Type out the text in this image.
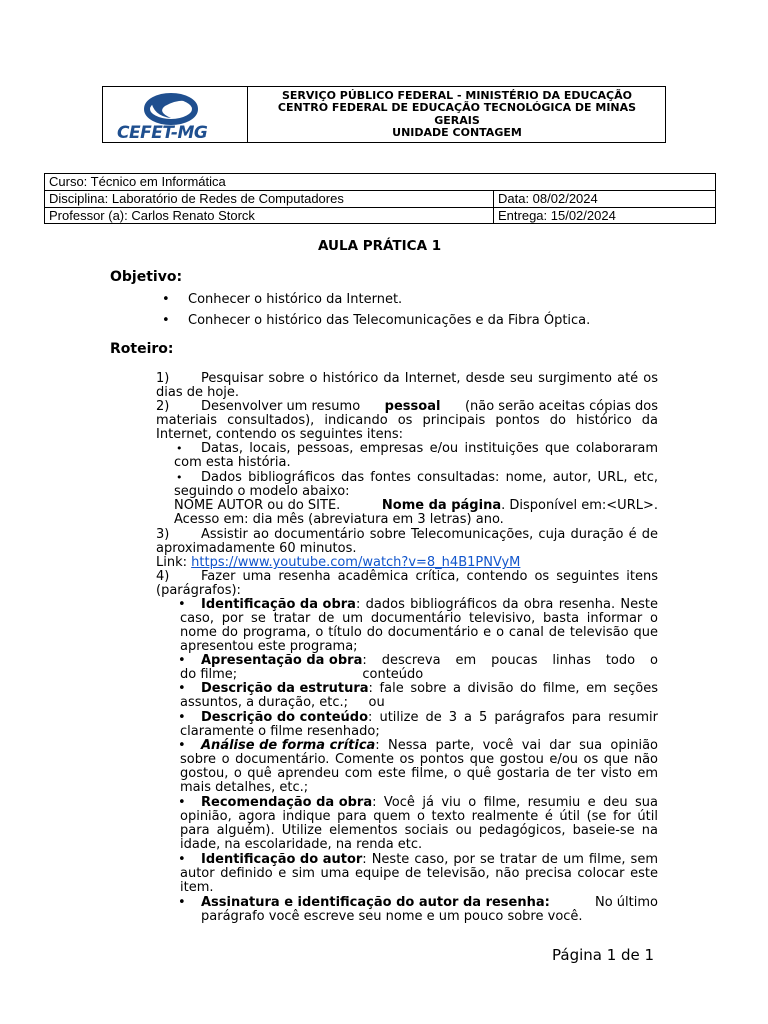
CEFET-MG
SERVIÇO PÚBLICO FEDERAL - MINISTÉRIO DA EDUCAÇÃO
CENTRO FEDERAL DE EDUCAÇÃO TECNOLÓGICA DE MINAS
GERAIS
UNIDADE CONTAGEM
Curso: Técnico em Informática
Disciplina: Laboratório de Redes de Computadores	Data: 08/02/2024
Professor (a): Carlos Renato Storck	Entrega: 15/02/2024
AULA PRÁTICA 1
Objetivo:
• Conhecer o histórico da Internet.
• Conhecer o histórico das Telecomunicações e da Fibra Óptica.
Roteiro:
1) Pesquisar sobre o histórico da Internet, desde seu surgimento até os
dias de hoje.
2) Desenvolver um resumo pessoal (não serão aceitas cópias dos
materiais consultados), indicando os principais pontos do histórico da
Internet, contendo os seguintes itens:
• Datas, locais, pessoas, empresas e/ou instituições que colaboraram
com esta história.
• Dados bibliográficos das fontes consultadas: nome, autor, URL, etc,
seguindo o modelo abaixo:
NOME AUTOR ou do SITE.	Nome da página. Disponível em:<URL>.
Acesso em: dia mês (abreviatura em 3 letras) ano.
3) Assistir ao documentário sobre Telecomunicações, cuja duração é de
aproximadamente 60 minutos.
Link: https://www.youtube.com/watch?v=8_h4B1PNVyM
4) Fazer uma resenha acadêmica crítica, contendo os seguintes itens
(parágrafos):
• Identificação da obra : dados bibliográficos da obra resenha. Neste
caso, por se tratar de um documentário televisivo, basta informar o
nome do programa, o título do documentário e o canal de televisão que
apresentou este programa;
• Apresentação da obra : descreva em poucas linhas todo o conteúdo
do filme;
• Descrição da estrutura : fale sobre a divisão do filme, em seções ou
assuntos, a duração, etc.;
• Descrição do conteúdo : utilize de 3 a 5 parágrafos para resumir
claramente o filme resenhado;
• Análise de forma crítica : Nessa parte, você vai dar sua opinião
sobre o documentário. Comente os pontos que gostou e/ou os que não
gostou, o quê aprendeu com este filme, o quê gostaria de ter visto em
mais detalhes, etc.;
• Recomendação da obra : Você já viu o filme, resumiu e deu sua
opinião, agora indique para quem o texto realmente é útil (se for útil
para alguém). Utilize elementos sociais ou pedagógicos, baseie-se na
idade, na escolaridade, na renda etc.
• Identificação do autor : Neste caso, por se tratar de um filme, sem
autor definido e sim uma equipe de televisão, não precisa colocar este
item.
• Assinatura e identificação do autor da resenha:	No último
parágrafo você escreve seu nome e um pouco sobre você.
Página 1 de 1
